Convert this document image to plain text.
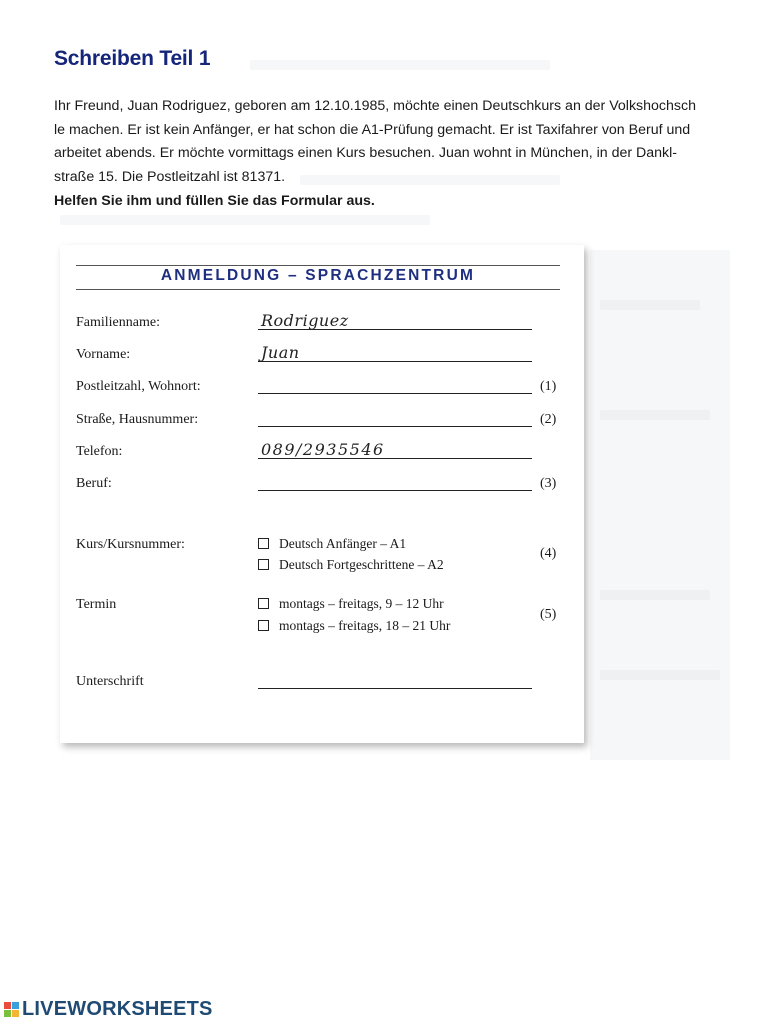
Schreiben Teil 1
Ihr Freund, Juan Rodriguez, geboren am 12.10.1985, möchte einen Deutschkurs an der Volkshochsch
le machen. Er ist kein Anfänger, er hat schon die A1-Prüfung gemacht. Er ist Taxifahrer von Beruf und
arbeitet abends. Er möchte vormittags einen Kurs besuchen. Juan wohnt in München, in der Dankl-
straße 15. Die Postleitzahl ist 81371.

Helfen Sie ihm und füllen Sie das Formular aus.

ANMELDUNG – SPRACHZENTRUM
Familienname:	Rodriguez
Vorname:	Juan
Postleitzahl, Wohnort:	(1)
Straße, Hausnummer:	(2)
Telefon:	089/2935546
Beruf:	(3)
Kurs/Kursnummer:	Deutsch Anfänger – A1
Deutsch Fortgeschrittene – A2
(4)
Termin	montags – freitags, 9 – 12 Uhr
montags – freitags, 18 – 21 Uhr
(5)
Unterschrift
LIVEWORKSHEETS
